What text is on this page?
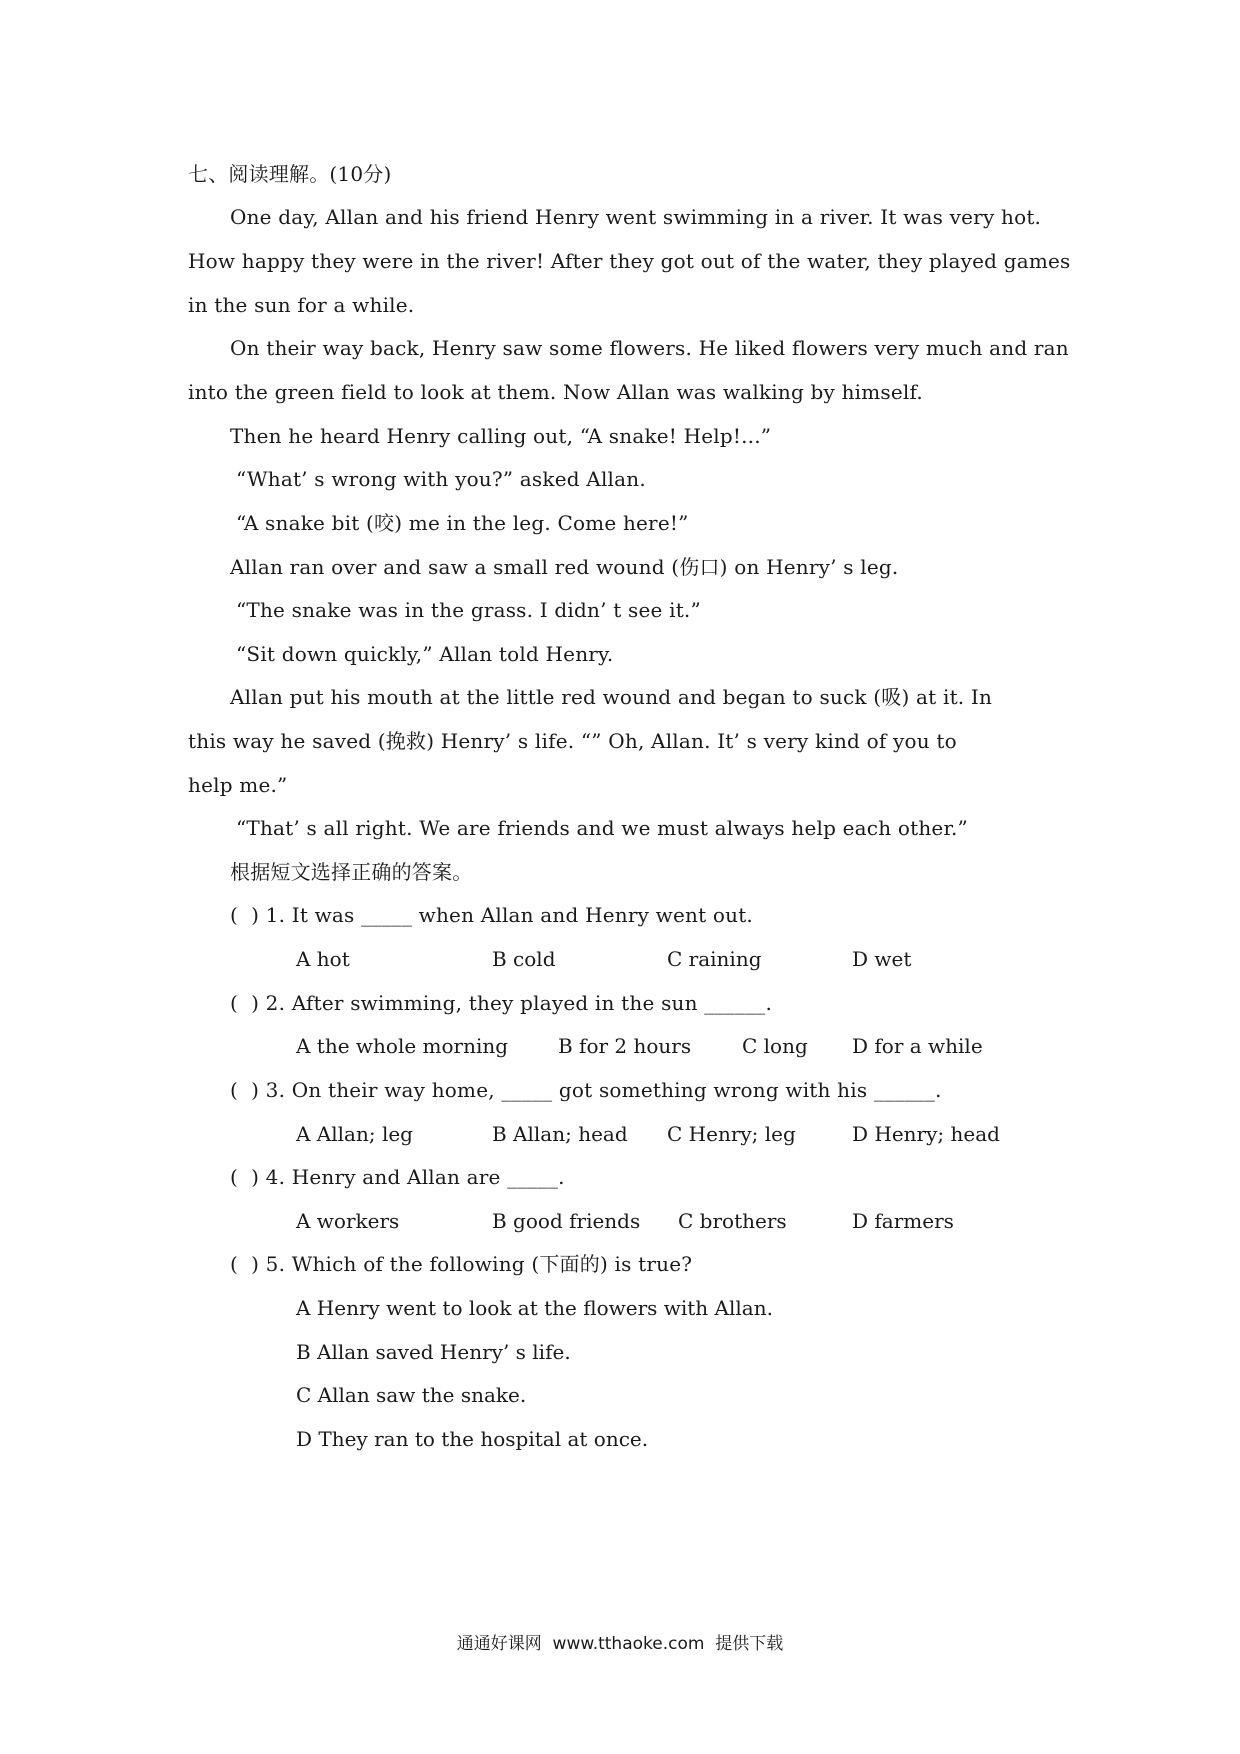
七、阅读理解。(10分)
One day, Allan and his friend Henry went swimming in a river. It was very hot.
How happy they were in the river! After they got out of the water, they played games
in the sun for a while.
On their way back, Henry saw some flowers. He liked flowers very much and ran
into the green field to look at them. Now Allan was walking by himself.
Then he heard Henry calling out, “A snake! Help!...”
“What’ s wrong with you?” asked Allan.
“A snake bit (咬) me in the leg. Come here!”
Allan ran over and saw a small red wound (伤口) on Henry’ s leg.
“The snake was in the grass. I didn’ t see it.”
“Sit down quickly,” Allan told Henry.
Allan put his mouth at the little red wound and began to suck (吸) at it. In
this way he saved (挽救) Henry’ s life. “” Oh, Allan. It’ s very kind of you to
help me.”
“That’ s all right. We are friends and we must always help each other.”
根据短文选择正确的答案。
(  ) 1. It was _____ when Allan and Henry went out.
A hot	B cold	C raining	D wet
(  ) 2. After swimming, they played in the sun ______.
A the whole morning B for 2 hours	C long D for a while
(  ) 3. On their way home, _____ got something wrong with his ______.
A Allan; leg	B Allan; head C Henry; leg	D Henry; head
(  ) 4. Henry and Allan are _____.
A workers	B good friends C brothers	D farmers
(  ) 5. Which of the following (下面的) is true?
A Henry went to look at the flowers with Allan.
B Allan saved Henry’ s life.
C Allan saw the snake.
D They ran to the hospital at once.
通通好课网  www.tthaoke.com  提供下载
